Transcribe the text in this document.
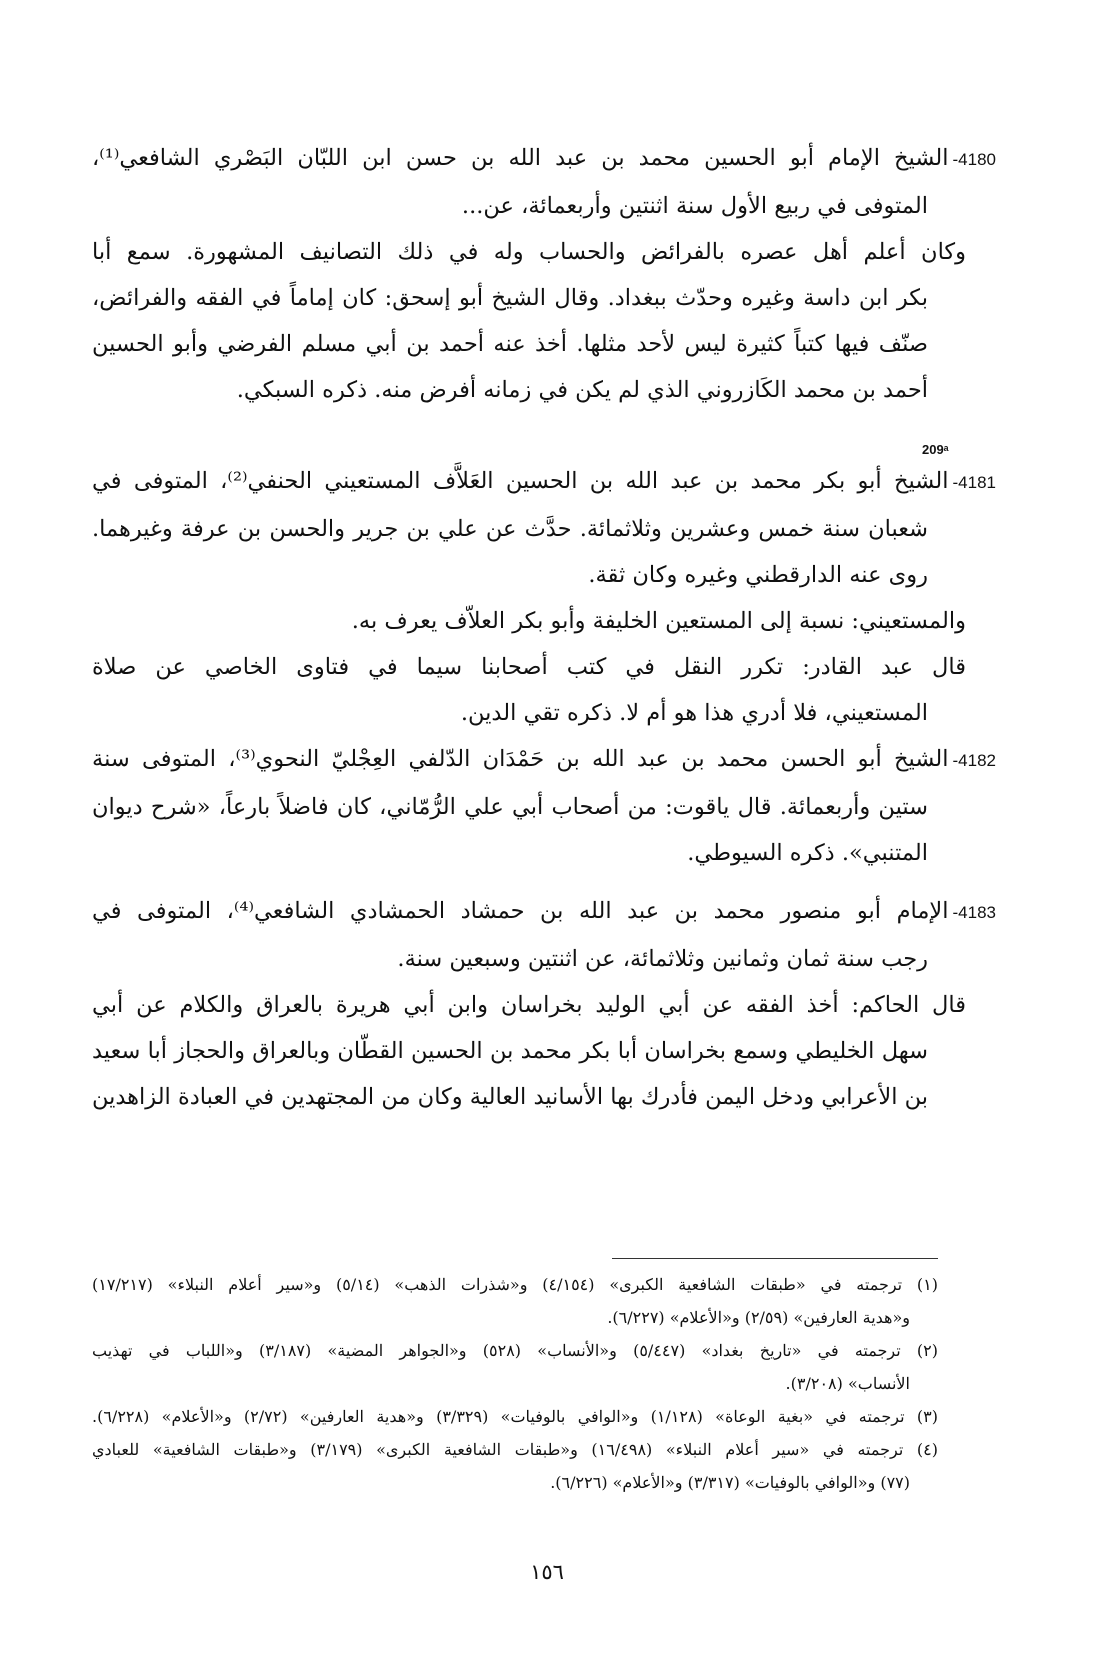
4180-الشيخ الإمام أبو الحسين محمد بن عبد الله بن حسن ابن اللبّان البَصْري الشافعي⁽¹⁾،
المتوفى في ربيع الأول سنة اثنتين وأربعمائة، عن...
وكان أعلم أهل عصره بالفرائض والحساب وله في ذلك التصانيف المشهورة. سمع أبا
بكر ابن داسة وغيره وحدّث ببغداد. وقال الشيخ أبو إسحق: كان إماماً في الفقه والفرائض،
صنّف فيها كتباً كثيرة ليس لأحد مثلها. أخذ عنه أحمد بن أبي مسلم الفرضي وأبو الحسين
أحمد بن محمد الكَازروني الذي لم يكن في زمانه أفرض منه. ذكره السبكي.
209ᵃ
4181-الشيخ أبو بكر محمد بن عبد الله بن الحسين العَلاَّف المستعيني الحنفي⁽²⁾، المتوفى في
شعبان سنة خمس وعشرين وثلاثمائة. حدَّث عن علي بن جرير والحسن بن عرفة وغيرهما.
روى عنه الدارقطني وغيره وكان ثقة.
والمستعيني: نسبة إلى المستعين الخليفة وأبو بكر العلاّف يعرف به.
قال عبد القادر: تكرر النقل في كتب أصحابنا سيما في فتاوى الخاصي عن صلاة
المستعيني، فلا أدري هذا هو أم لا. ذكره تقي الدين.
4182-الشيخ أبو الحسن محمد بن عبد الله بن حَمْدَان الدّلفي العِجْليّ النحوي⁽³⁾، المتوفى سنة
ستين وأربعمائة. قال ياقوت: من أصحاب أبي علي الرُّمّاني، كان فاضلاً بارعاً، «شرح ديوان
المتنبي». ذكره السيوطي.
4183-الإمام أبو منصور محمد بن عبد الله بن حمشاد الحمشادي الشافعي⁽⁴⁾، المتوفى في
رجب سنة ثمان وثمانين وثلاثمائة، عن اثنتين وسبعين سنة.
قال الحاكم: أخذ الفقه عن أبي الوليد بخراسان وابن أبي هريرة بالعراق والكلام عن أبي
سهل الخليطي وسمع بخراسان أبا بكر محمد بن الحسين القطّان وبالعراق والحجاز أبا سعيد
بن الأعرابي ودخل اليمن فأدرك بها الأسانيد العالية وكان من المجتهدين في العبادة الزاهدين
(١) ترجمته في «طبقات الشافعية الكبرى» (٤/١٥٤) و«شذرات الذهب» (٥/١٤) و«سير أعلام النبلاء» (١٧/٢١٧)
و«هدية العارفين» (٢/٥٩) و«الأعلام» (٦/٢٢٧).
(٢) ترجمته في «تاريخ بغداد» (٥/٤٤٧) و«الأنساب» (٥٢٨) و«الجواهر المضية» (٣/١٨٧) و«اللباب في تهذيب
الأنساب» (٣/٢٠٨).
(٣) ترجمته في «بغية الوعاة» (١/١٢٨) و«الوافي بالوفيات» (٣/٣٢٩) و«هدية العارفين» (٢/٧٢) و«الأعلام» (٦/٢٢٨).
(٤) ترجمته في «سير أعلام النبلاء» (١٦/٤٩٨) و«طبقات الشافعية الكبرى» (٣/١٧٩) و«طبقات الشافعية» للعبادي
(٧٧) و«الوافي بالوفيات» (٣/٣١٧) و«الأعلام» (٦/٢٢٦).
١٥٦
